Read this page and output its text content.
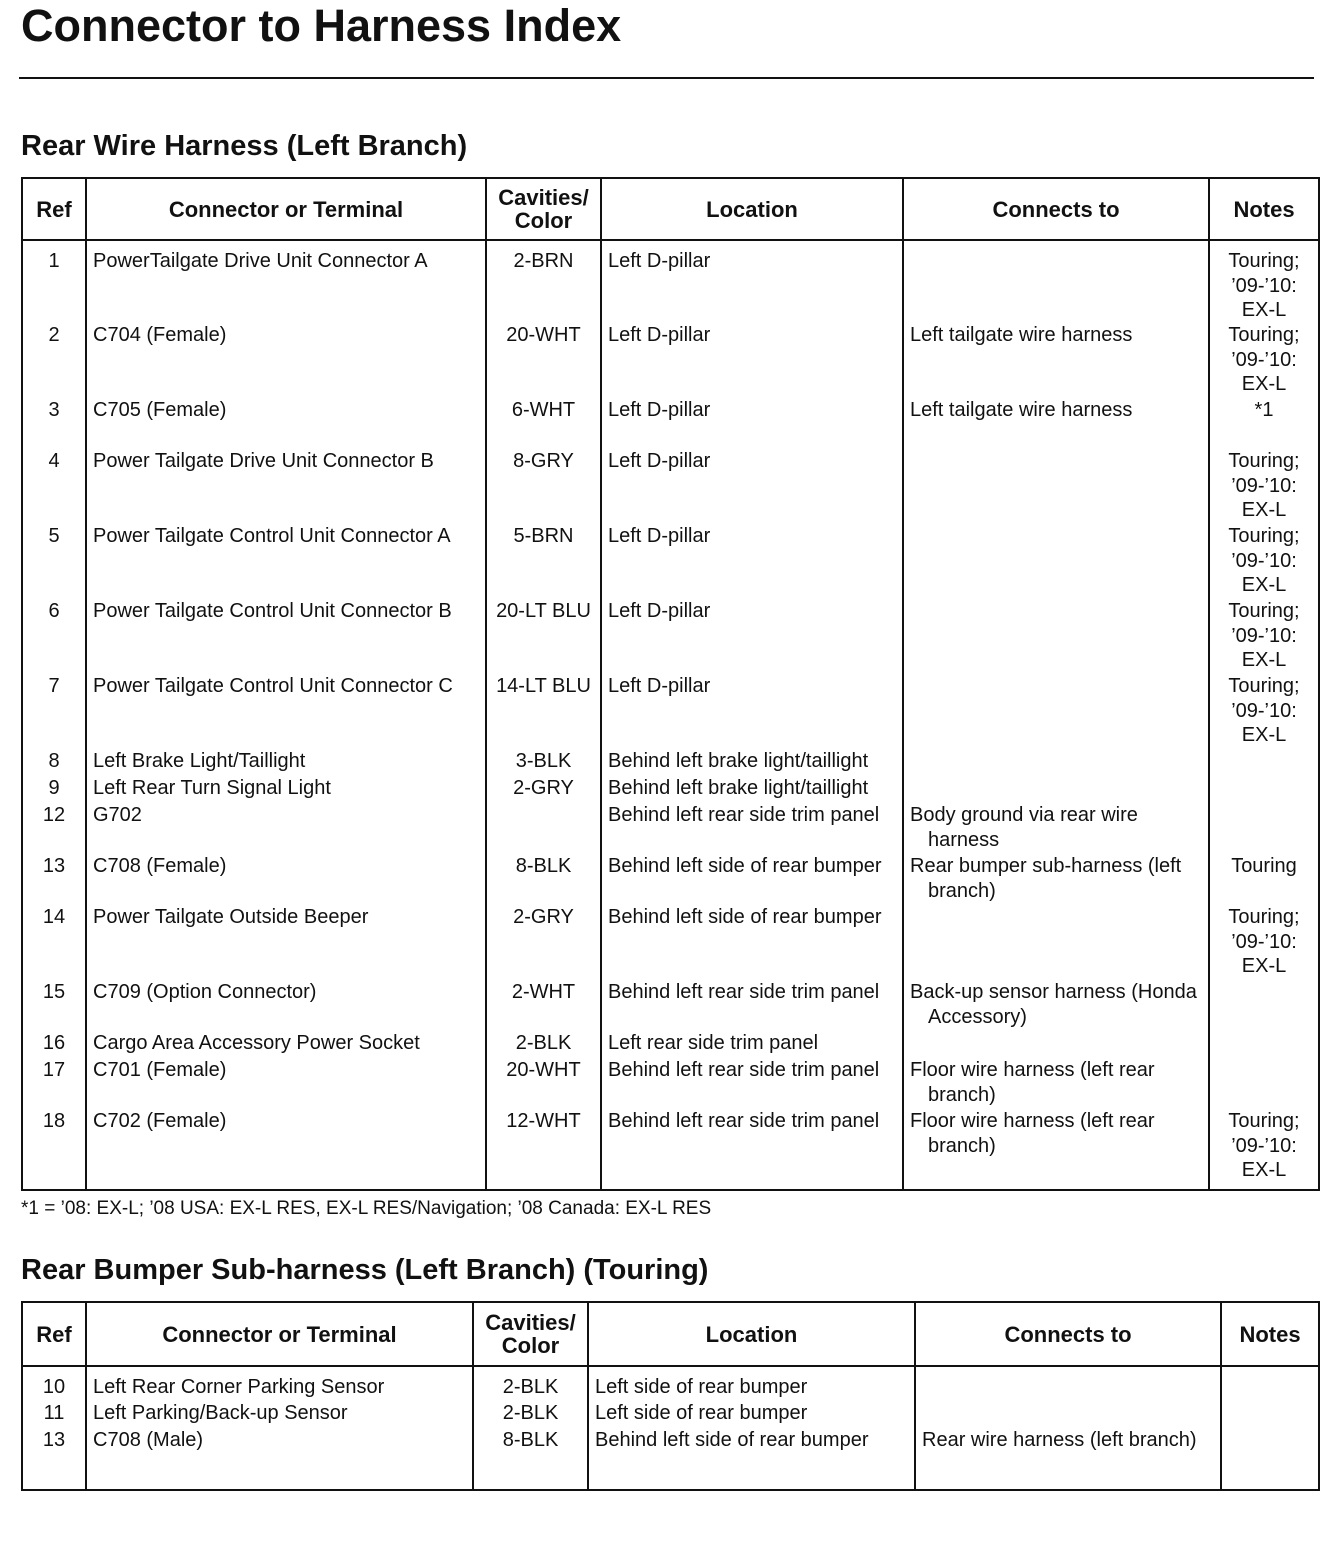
Connector to Harness Index
Rear Wire Harness (Left Branch)
Ref	Connector or Terminal	Cavities/ Color	Location	Connects to	Notes
1	PowerTailgate Drive Unit Connector A	2-BRN	Left D-pillar		Touring; ’09-’10: EX-L
2	C704 (Female)	20-WHT	Left D-pillar	Left tailgate wire harness	Touring; ’09-’10: EX-L
3	C705 (Female)	6-WHT	Left D-pillar	Left tailgate wire harness	*1
4	Power Tailgate Drive Unit Connector B	8-GRY	Left D-pillar		Touring; ’09-’10: EX-L
5	Power Tailgate Control Unit Connector A	5-BRN	Left D-pillar		Touring; ’09-’10: EX-L
6	Power Tailgate Control Unit Connector B	20-LT BLU	Left D-pillar		Touring; ’09-’10: EX-L
7	Power Tailgate Control Unit Connector C	14-LT BLU	Left D-pillar		Touring; ’09-’10: EX-L
8	Left Brake Light/Taillight	3-BLK	Behind left brake light/taillight	

9	Left Rear Turn Signal Light	2-GRY	Behind left brake light/taillight	

12	G702		Behind left rear side trim panel	Body ground via rear wire harness	

13	C708 (Female)	8-BLK	Behind left side of rear bumper	Rear bumper sub-harness (left branch)	Touring
14	Power Tailgate Outside Beeper	2-GRY	Behind left side of rear bumper		Touring; ’09-’10: EX-L
15	C709 (Option Connector)	2-WHT	Behind left rear side trim panel	Back-up sensor harness (Honda Accessory)	

16	Cargo Area Accessory Power Socket	2-BLK	Left rear side trim panel	

17	C701 (Female)	20-WHT	Behind left rear side trim panel	Floor wire harness (left rear branch)	

18	C702 (Female)	12-WHT	Behind left rear side trim panel	Floor wire harness (left rear branch)	Touring; ’09-’10: EX-L

*1 = ’08: EX-L; ’08 USA: EX-L RES, EX-L RES/Navigation; ’08 Canada: EX-L RES

Rear Bumper Sub-harness (Left Branch) (Touring)
Ref	Connector or Terminal	Cavities/ Color	Location	Connects to	Notes
10	Left Rear Corner Parking Sensor	2-BLK	Left side of rear bumper	

11	Left Parking/Back-up Sensor	2-BLK	Left side of rear bumper	

13	C708 (Male)	8-BLK	Behind left side of rear bumper	Rear wire harness (left branch)	
